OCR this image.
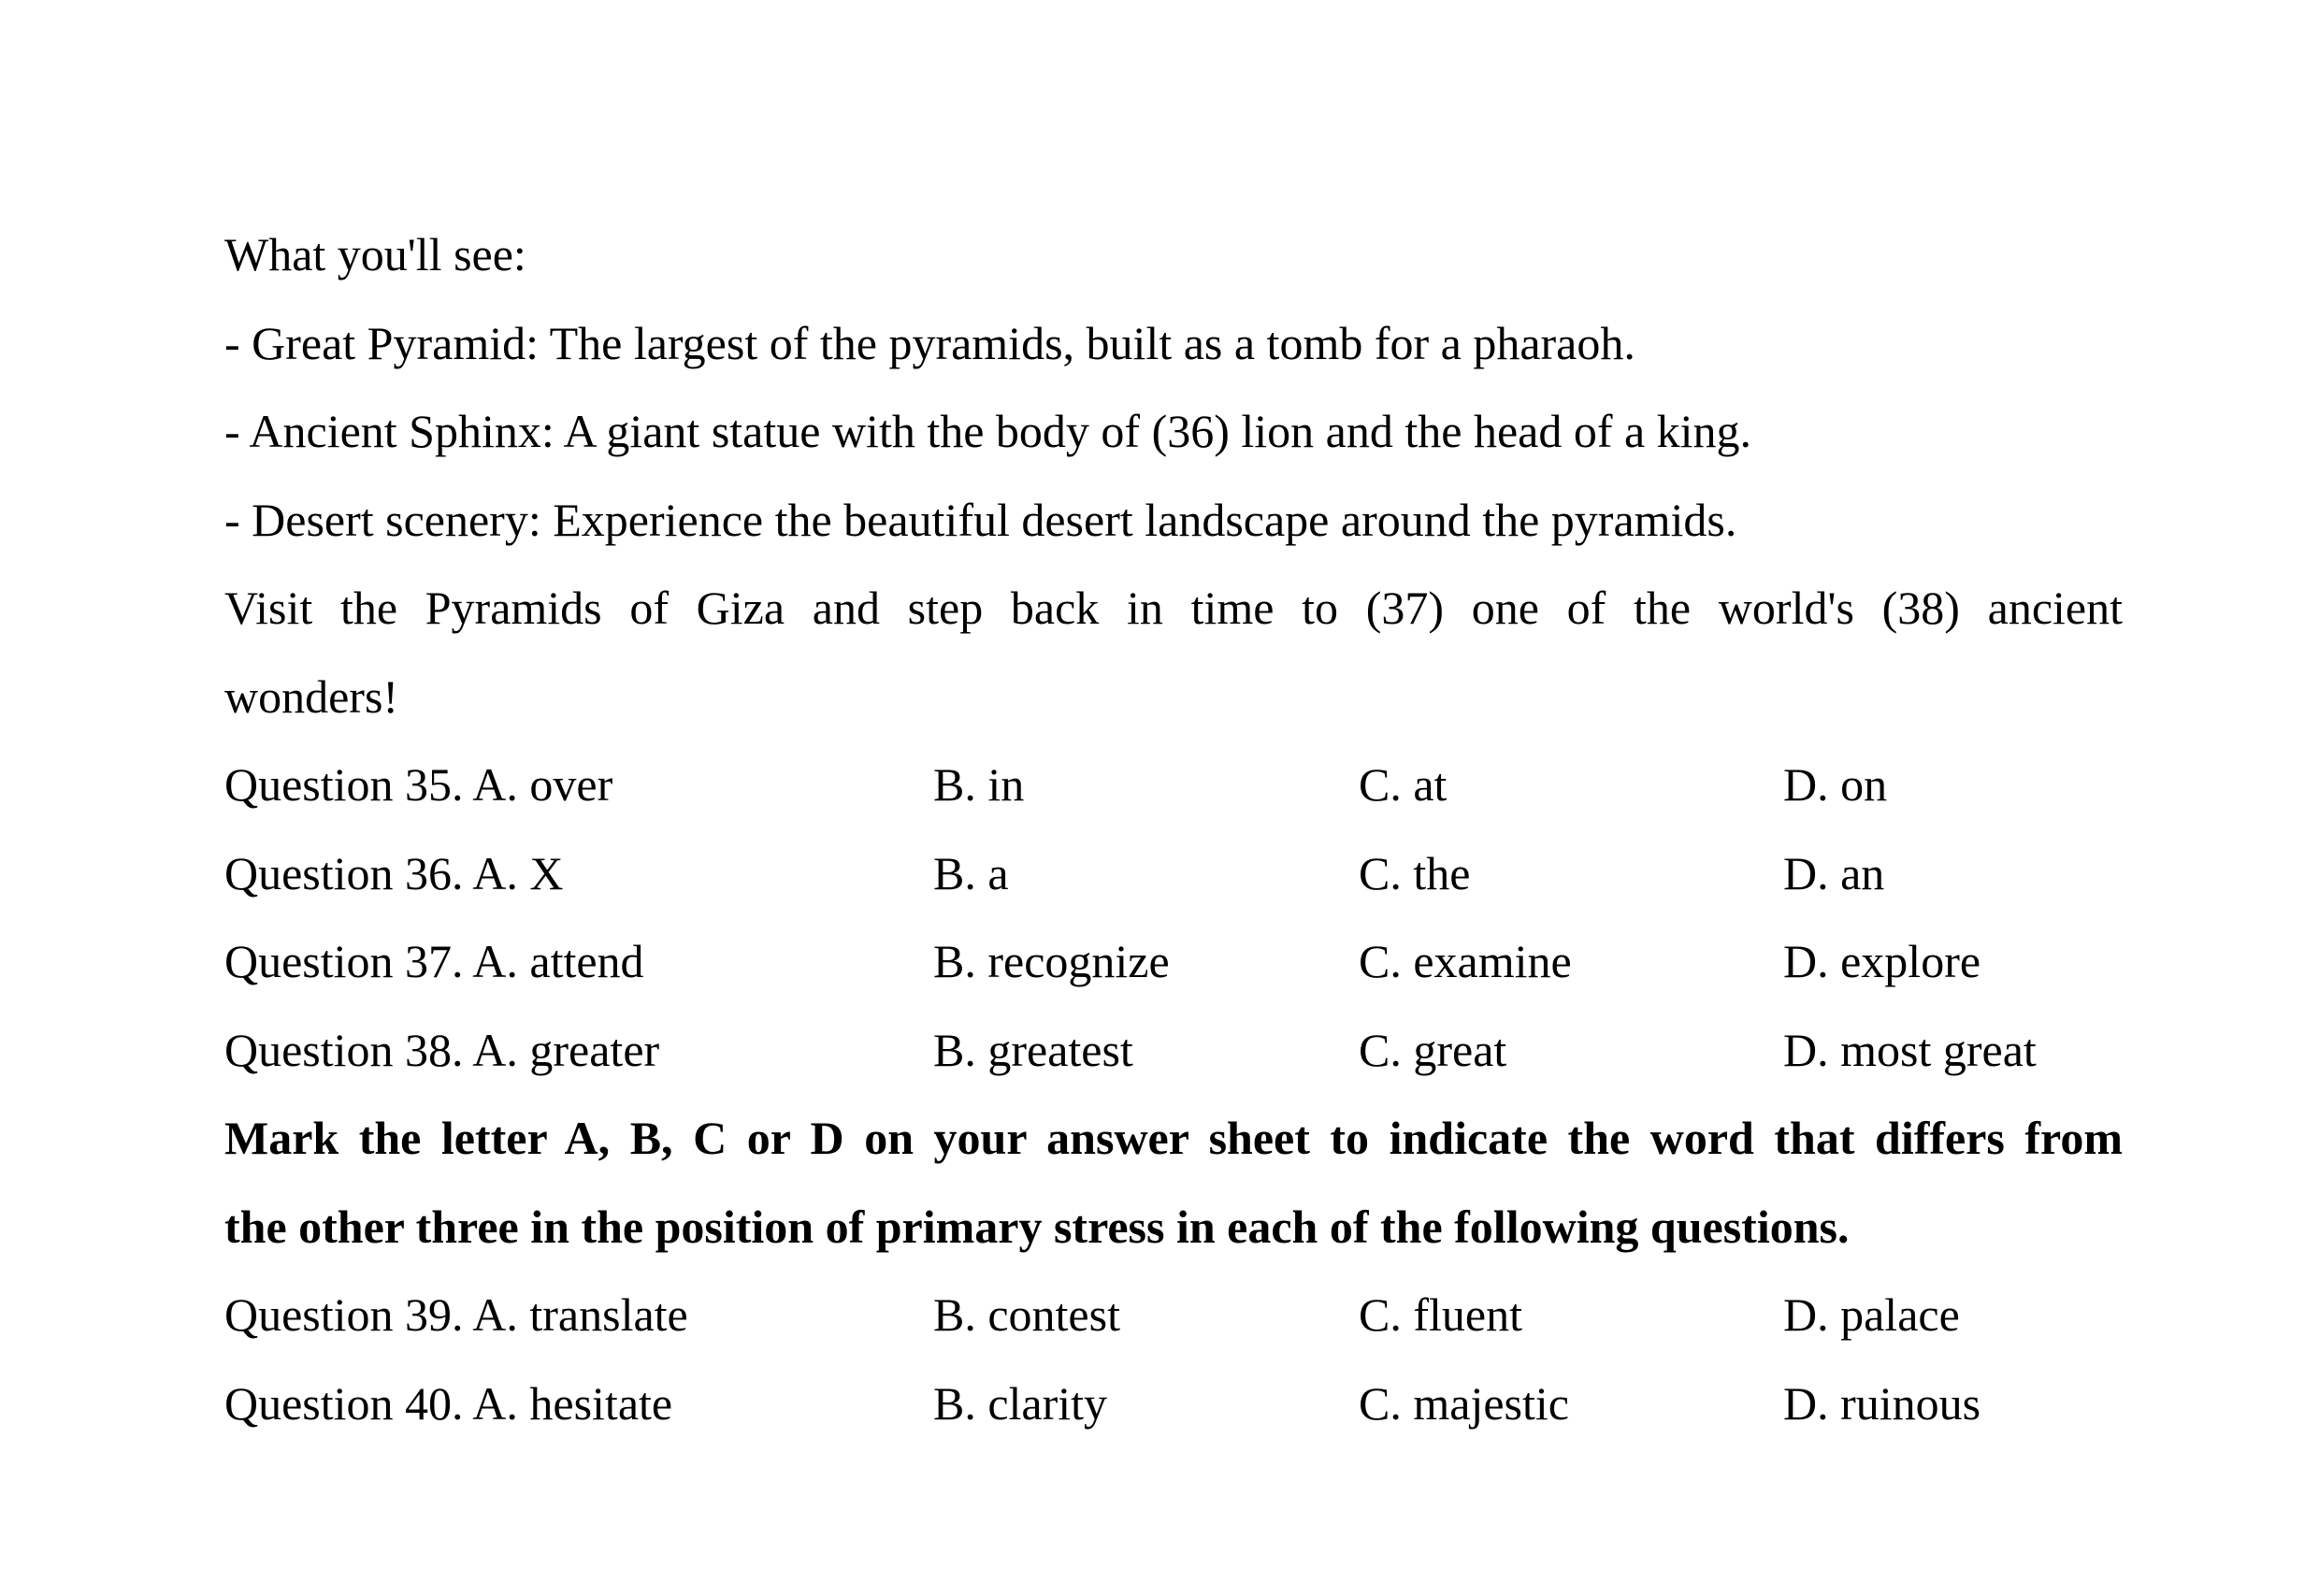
What you'll see:
- Great Pyramid: The largest of the pyramids, built as a tomb for a pharaoh.
- Ancient Sphinx: A giant statue with the body of (36) lion and the head of a king.
- Desert scenery: Experience the beautiful desert landscape around the pyramids.
Visit the Pyramids of Giza and step back in time to (37) one of the world's (38) ancient
wonders!
Question 35. A. over	B. in	C. at	D. on
Question 36. A. X	B. a	C. the	D. an
Question 37. A. attend	B. recognize	C. examine	D. explore
Question 38. A. greater	B. greatest	C. great	D. most great
Mark the letter A, B, C or D on your answer sheet to indicate the word that differs from
the other three in the position of primary stress in each of the following questions.
Question 39. A. translate	B. contest	C. fluent	D. palace
Question 40. A. hesitate	B. clarity	C. majestic	D. ruinous
